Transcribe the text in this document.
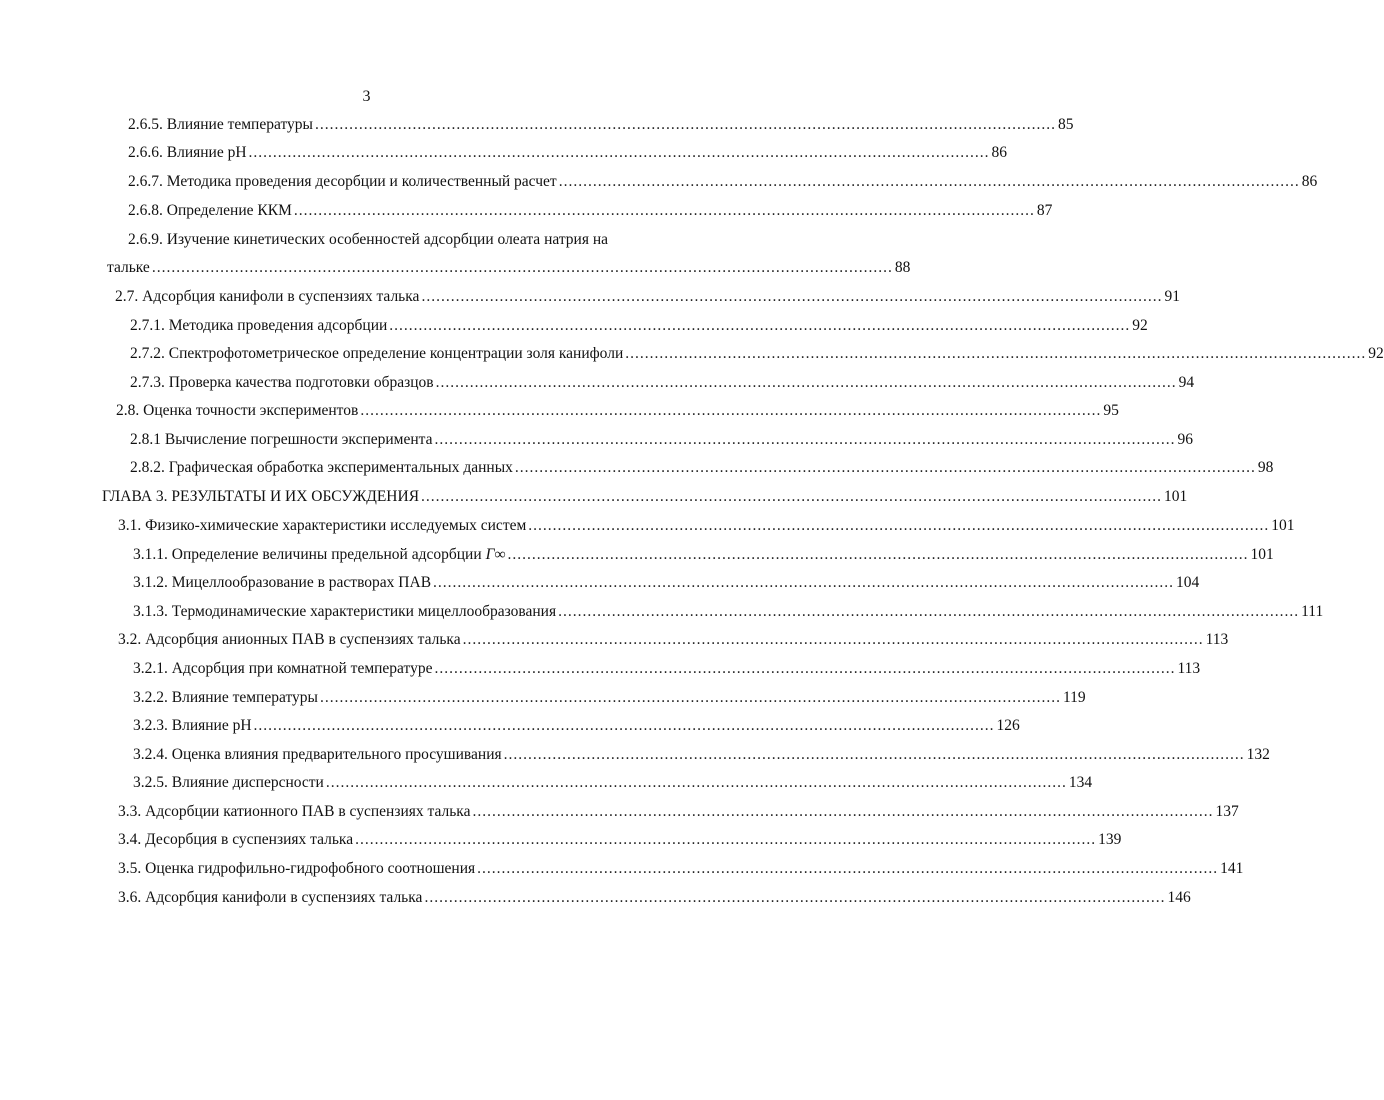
3
2.6.5. Влияние температуры ........................................................................................................................................................ 85
2.6.6. Влияние pH ........................................................................................................................................................ 86
2.6.7. Методика проведения десорбции и количественный расчет ........................................................................................................................................................ 86
2.6.8. Определение ККМ ........................................................................................................................................................ 87
2.6.9. Изучение кинетических особенностей адсорбции олеата натрия на
тальке ........................................................................................................................................................ 88
2.7. Адсорбция канифоли в суспензиях талька ........................................................................................................................................................ 91
2.7.1. Методика проведения адсорбции ........................................................................................................................................................ 92
2.7.2. Спектрофотометрическое определение концентрации золя канифоли ........................................................................................................................................................ 92
2.7.3. Проверка качества подготовки образцов ........................................................................................................................................................ 94
2.8. Оценка точности экспериментов ........................................................................................................................................................ 95
2.8.1 Вычисление погрешности эксперимента ........................................................................................................................................................ 96
2.8.2. Графическая обработка экспериментальных данных ........................................................................................................................................................ 98
ГЛАВА 3. РЕЗУЛЬТАТЫ И ИХ ОБСУЖДЕНИЯ ........................................................................................................................................................ 101
3.1. Физико-химические характеристики исследуемых систем ........................................................................................................................................................ 101
3.1.1. Определение величины предельной адсорбции Γ∞ ........................................................................................................................................................ 101
3.1.2. Мицеллообразование в растворах ПАВ ........................................................................................................................................................ 104
3.1.3. Термодинамические характеристики мицеллообразования ........................................................................................................................................................ 111
3.2. Адсорбция анионных ПАВ в суспензиях талька ........................................................................................................................................................ 113
3.2.1. Адсорбция при комнатной температуре ........................................................................................................................................................ 113
3.2.2. Влияние температуры ........................................................................................................................................................ 119
3.2.3. Влияние pH ........................................................................................................................................................ 126
3.2.4. Оценка влияния предварительного просушивания ........................................................................................................................................................ 132
3.2.5. Влияние дисперсности ........................................................................................................................................................ 134
3.3. Адсорбции катионного ПАВ в суспензиях талька ........................................................................................................................................................ 137
3.4. Десорбция в суспензиях талька ........................................................................................................................................................ 139
3.5. Оценка гидрофильно-гидрофобного соотношения ........................................................................................................................................................ 141
3.6. Адсорбция канифоли в суспензиях талька ........................................................................................................................................................ 146
